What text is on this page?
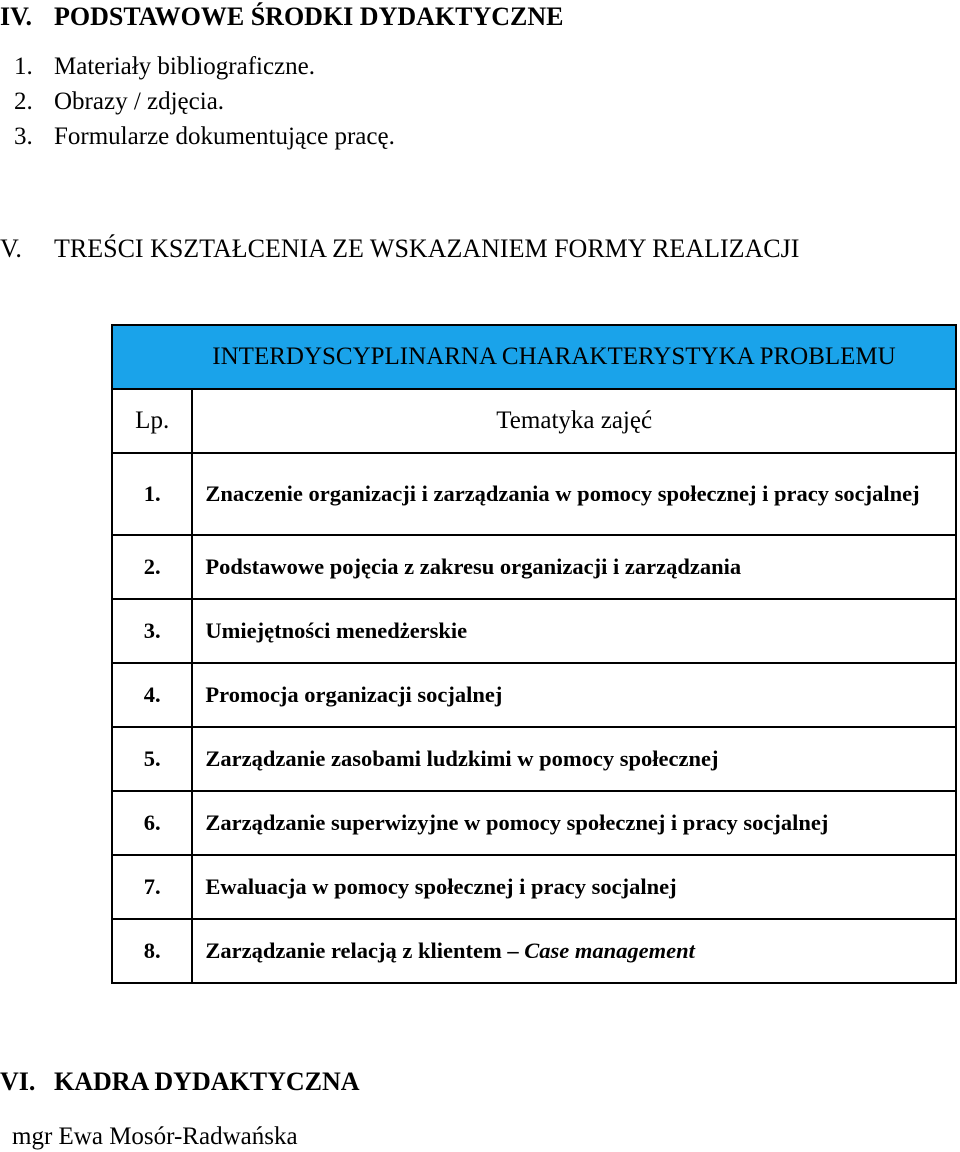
IV. PODSTAWOWE ŚRODKI DYDAKTYCZNE
1. Materiały bibliograficzne.
2. Obrazy / zdjęcia.
3. Formularze dokumentujące pracę.
V. TREŚCI KSZTAŁCENIA ZE WSKAZANIEM FORMY REALIZACJI
INTERDYSCYPLINARNA CHARAKTERYSTYKA PROBLEMU	
Lp.	Tematyka zajęć
1.	Znaczenie organizacji i zarządzania w pomocy społecznej i pracy socjalnej
2.	Podstawowe pojęcia z zakresu organizacji i zarządzania
3.	Umiejętności menedżerskie
4.	Promocja organizacji socjalnej
5.	Zarządzanie zasobami ludzkimi w pomocy społecznej
6.	Zarządzanie superwizyjne w pomocy społecznej i pracy socjalnej
7.	Ewaluacja w pomocy społecznej i pracy socjalnej
8.	Zarządzanie relacją z klientem – Case management
VI. KADRA DYDAKTYCZNA
mgr Ewa Mosór-Radwańska
